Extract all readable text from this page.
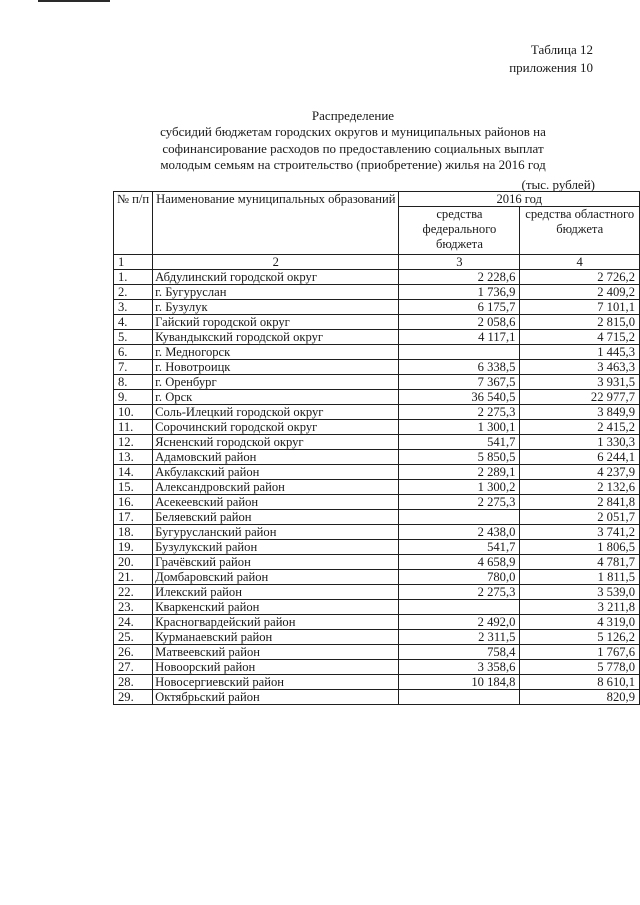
Таблица 12
приложения 10
Распределение
субсидий бюджетам городских округов и муниципальных районов на
софинансирование расходов по предоставлению социальных выплат
молодым семьям на строительство (приобретение) жилья на 2016 год
(тыс. рублей)
№ п/п	Наименование муниципальных образований	2016 год	
		средства федерального бюджета	средства областного бюджета
1	2	3	4
1.	Абдулинский городской округ	2 228,6	2 726,2
2.	г. Бугуруслан	1 736,9	2 409,2
3.	г. Бузулук	6 175,7	7 101,1
4.	Гайский городской округ	2 058,6	2 815,0
5.	Кувандыкский городской округ	4 117,1	4 715,2
6.	г. Медногорск		1 445,3
7.	г. Новотроицк	6 338,5	3 463,3
8.	г. Оренбург	7 367,5	3 931,5
9.	г. Орск	36 540,5	22 977,7
10.	Соль-Илецкий городской округ	2 275,3	3 849,9
11.	Сорочинский городской округ	1 300,1	2 415,2
12.	Ясненский городской округ	541,7	1 330,3
13.	Адамовский район	5 850,5	6 244,1
14.	Акбулакский район	2 289,1	4 237,9
15.	Александровский район	1 300,2	2 132,6
16.	Асекеевский район	2 275,3	2 841,8
17.	Беляевский район		2 051,7
18.	Бугурусланский район	2 438,0	3 741,2
19.	Бузулукский район	541,7	1 806,5
20.	Грачёвский район	4 658,9	4 781,7
21.	Домбаровский район	780,0	1 811,5
22.	Илекский район	2 275,3	3 539,0
23.	Кваркенский район		3 211,8
24.	Красногвардейский район	2 492,0	4 319,0
25.	Курманаевский район	2 311,5	5 126,2
26.	Матвеевский район	758,4	1 767,6
27.	Новоорский район	3 358,6	5 778,0
28.	Новосергиевский район	10 184,8	8 610,1
29.	Октябрьский район		820,9
